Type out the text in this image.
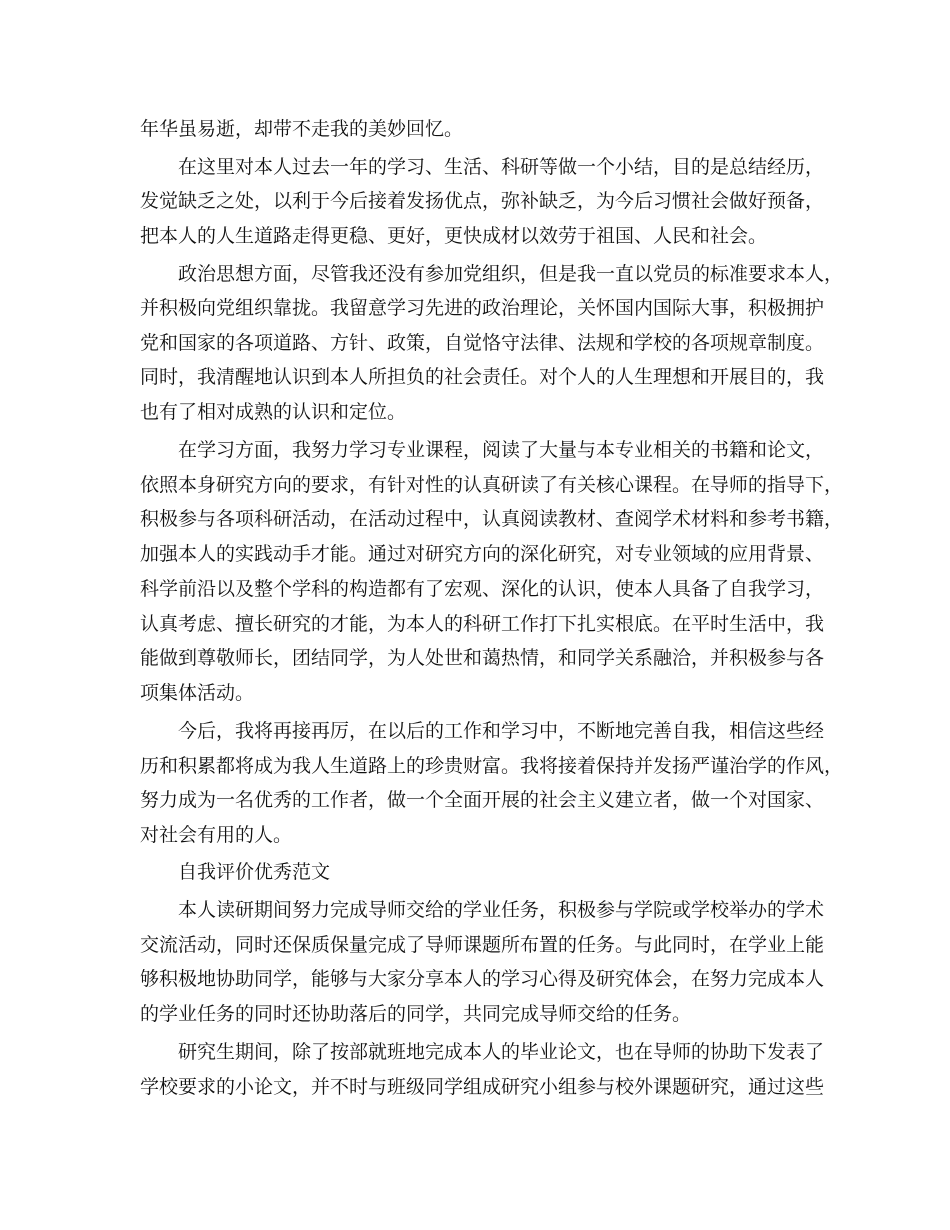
年华虽易逝，却带不走我的美妙回忆。

在这里对本人过去一年的学习、生活、科研等做一个小结，目的是总结经历，

发觉缺乏之处，以利于今后接着发扬优点，弥补缺乏，为今后习惯社会做好预备，

把本人的人生道路走得更稳、更好，更快成材以效劳于祖国、人民和社会。

政治思想方面，尽管我还没有参加党组织，但是我一直以党员的标准要求本人，

并积极向党组织靠拢。我留意学习先进的政治理论，关怀国内国际大事，积极拥护

党和国家的各项道路、方针、政策，自觉恪守法律、法规和学校的各项规章制度。

同时，我清醒地认识到本人所担负的社会责任。对个人的人生理想和开展目的，我

也有了相对成熟的认识和定位。

在学习方面，我努力学习专业课程，阅读了大量与本专业相关的书籍和论文，

依照本身研究方向的要求，有针对性的认真研读了有关核心课程。在导师的指导下，

积极参与各项科研活动，在活动过程中，认真阅读教材、查阅学术材料和参考书籍，

加强本人的实践动手才能。通过对研究方向的深化研究，对专业领域的应用背景、

科学前沿以及整个学科的构造都有了宏观、深化的认识，使本人具备了自我学习，

认真考虑、擅长研究的才能，为本人的科研工作打下扎实根底。在平时生活中，我

能做到尊敬师长，团结同学，为人处世和蔼热情，和同学关系融洽，并积极参与各

项集体活动。

今后，我将再接再厉，在以后的工作和学习中，不断地完善自我，相信这些经

历和积累都将成为我人生道路上的珍贵财富。我将接着保持并发扬严谨治学的作风，

努力成为一名优秀的工作者，做一个全面开展的社会主义建立者，做一个对国家、

对社会有用的人。

自我评价优秀范文

本人读研期间努力完成导师交给的学业任务，积极参与学院或学校举办的学术

交流活动，同时还保质保量完成了导师课题所布置的任务。与此同时，在学业上能

够积极地协助同学，能够与大家分享本人的学习心得及研究体会，在努力完成本人

的学业任务的同时还协助落后的同学，共同完成导师交给的任务。

研究生期间，除了按部就班地完成本人的毕业论文，也在导师的协助下发表了

学校要求的小论文，并不时与班级同学组成研究小组参与校外课题研究，通过这些
